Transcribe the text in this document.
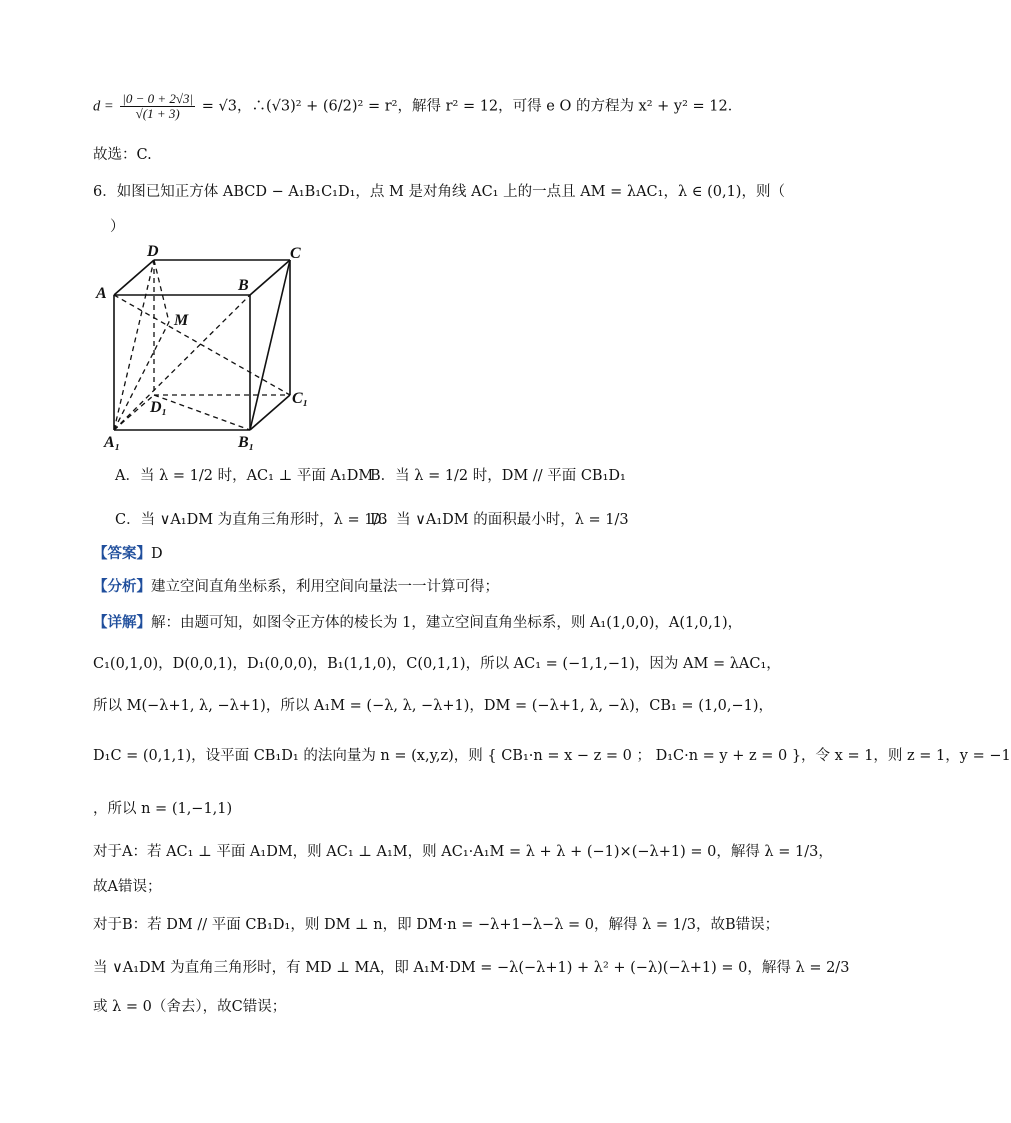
$d = \frac{|0 - 0 + 2√3|}{√(1 + 3)} = √3$，∴(√3)² + (6/2)² = r²，解得 r² = 12，可得 e O 的方程为 x² + y² = 12．
故选：C.
6．如图已知正方体 ABCD − A₁B₁C₁D₁，点 M 是对角线 AC₁ 上的一点且 AM = λAC₁，λ ∈ (0,1)，则（
）
D	C
A	B
M
D₁
C₁
A₁	B₁
A．当 λ = 1/2 时，AC₁ ⊥ 平面 A₁DM
B．当 λ = 1/2 时，DM // 平面 CB₁D₁
C．当 ∨A₁DM 为直角三角形时，λ = 1/3
D．当 ∨A₁DM 的面积最小时，λ = 1/3
【答案】D
【分析】建立空间直角坐标系，利用空间向量法一一计算可得；
【详解】解：由题可知，如图令正方体的棱长为 1，建立空间直角坐标系，则 A₁(1,0,0)，A(1,0,1)，
C₁(0,1,0)，D(0,0,1)，D₁(0,0,0)，B₁(1,1,0)，C(0,1,1)，所以 AC₁ = (−1,1,−1)，因为 AM = λAC₁，
所以 M(−λ+1, λ, −λ+1)，所以 A₁M = (−λ, λ, −λ+1)，DM = (−λ+1, λ, −λ)，CB₁ = (1,0,−1)，
D₁C = (0,1,1)，设平面 CB₁D₁ 的法向量为 n = (x,y,z)，则 { CB₁·n = x − z = 0 ； D₁C·n = y + z = 0 }，令 x = 1，则 z = 1，y = −1
，所以 n = (1,−1,1)
对于A：若 AC₁ ⊥ 平面 A₁DM，则 AC₁ ⊥ A₁M，则 AC₁·A₁M = λ + λ + (−1)×(−λ+1) = 0，解得 λ = 1/3，
故A错误；
对于B：若 DM // 平面 CB₁D₁，则 DM ⊥ n，即 DM·n = −λ+1−λ−λ = 0，解得 λ = 1/3，故B错误；
当 ∨A₁DM 为直角三角形时，有 MD ⊥ MA，即 A₁M·DM = −λ(−λ+1) + λ² + (−λ)(−λ+1) = 0，解得 λ = 2/3
或 λ = 0（舍去），故C错误；
